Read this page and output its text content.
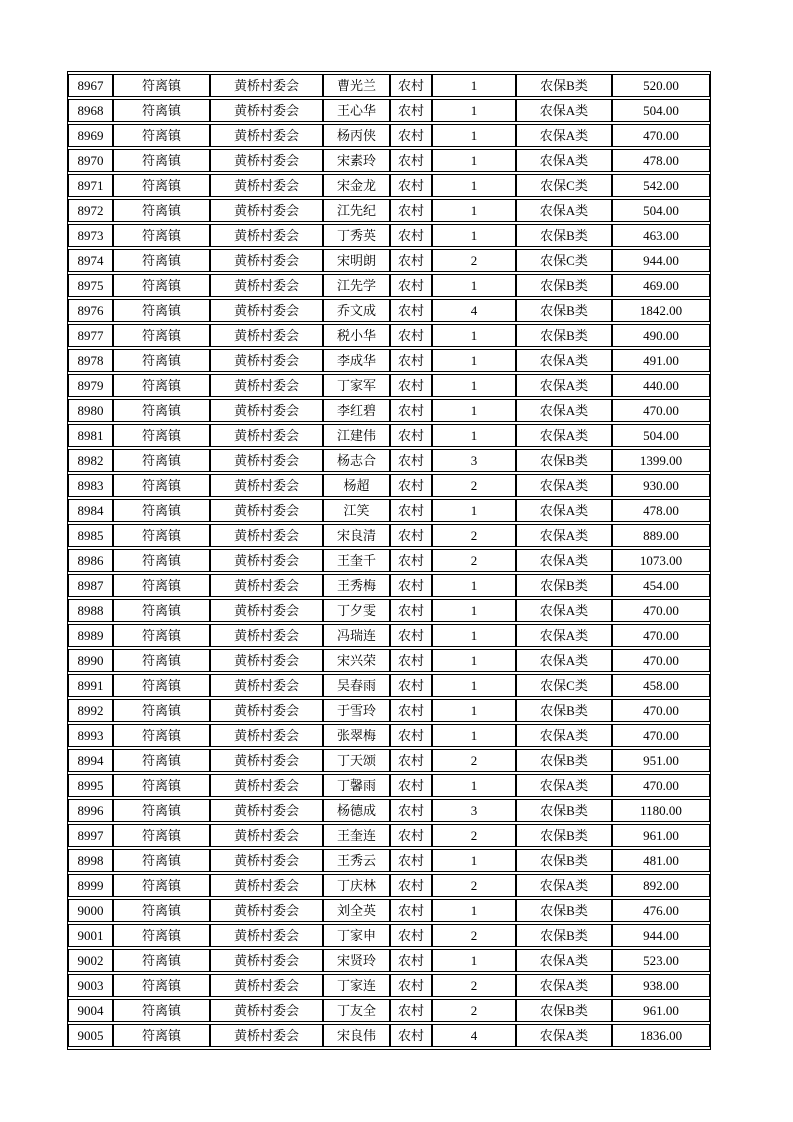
8967	符离镇	黄桥村委会	曹光兰	农村	1	农保B类	520.00
8968	符离镇	黄桥村委会	王心华	农村	1	农保A类	504.00
8969	符离镇	黄桥村委会	杨丙侠	农村	1	农保A类	470.00
8970	符离镇	黄桥村委会	宋素玲	农村	1	农保A类	478.00
8971	符离镇	黄桥村委会	宋金龙	农村	1	农保C类	542.00
8972	符离镇	黄桥村委会	江先纪	农村	1	农保A类	504.00
8973	符离镇	黄桥村委会	丁秀英	农村	1	农保B类	463.00
8974	符离镇	黄桥村委会	宋明朗	农村	2	农保C类	944.00
8975	符离镇	黄桥村委会	江先学	农村	1	农保B类	469.00
8976	符离镇	黄桥村委会	乔文成	农村	4	农保B类	1842.00
8977	符离镇	黄桥村委会	税小华	农村	1	农保B类	490.00
8978	符离镇	黄桥村委会	李成华	农村	1	农保A类	491.00
8979	符离镇	黄桥村委会	丁家军	农村	1	农保A类	440.00
8980	符离镇	黄桥村委会	李红碧	农村	1	农保A类	470.00
8981	符离镇	黄桥村委会	江建伟	农村	1	农保A类	504.00
8982	符离镇	黄桥村委会	杨志合	农村	3	农保B类	1399.00
8983	符离镇	黄桥村委会	杨超	农村	2	农保A类	930.00
8984	符离镇	黄桥村委会	江笑	农村	1	农保A类	478.00
8985	符离镇	黄桥村委会	宋良清	农村	2	农保A类	889.00
8986	符离镇	黄桥村委会	王奎千	农村	2	农保A类	1073.00
8987	符离镇	黄桥村委会	王秀梅	农村	1	农保B类	454.00
8988	符离镇	黄桥村委会	丁夕雯	农村	1	农保A类	470.00
8989	符离镇	黄桥村委会	冯瑞连	农村	1	农保A类	470.00
8990	符离镇	黄桥村委会	宋兴荣	农村	1	农保A类	470.00
8991	符离镇	黄桥村委会	吴春雨	农村	1	农保C类	458.00
8992	符离镇	黄桥村委会	于雪玲	农村	1	农保B类	470.00
8993	符离镇	黄桥村委会	张翠梅	农村	1	农保A类	470.00
8994	符离镇	黄桥村委会	丁天颂	农村	2	农保B类	951.00
8995	符离镇	黄桥村委会	丁馨雨	农村	1	农保A类	470.00
8996	符离镇	黄桥村委会	杨德成	农村	3	农保B类	1180.00
8997	符离镇	黄桥村委会	王奎连	农村	2	农保B类	961.00
8998	符离镇	黄桥村委会	王秀云	农村	1	农保B类	481.00
8999	符离镇	黄桥村委会	丁庆林	农村	2	农保A类	892.00
9000	符离镇	黄桥村委会	刘全英	农村	1	农保B类	476.00
9001	符离镇	黄桥村委会	丁家申	农村	2	农保B类	944.00
9002	符离镇	黄桥村委会	宋贤玲	农村	1	农保A类	523.00
9003	符离镇	黄桥村委会	丁家连	农村	2	农保A类	938.00
9004	符离镇	黄桥村委会	丁友全	农村	2	农保B类	961.00
9005	符离镇	黄桥村委会	宋良伟	农村	4	农保A类	1836.00
